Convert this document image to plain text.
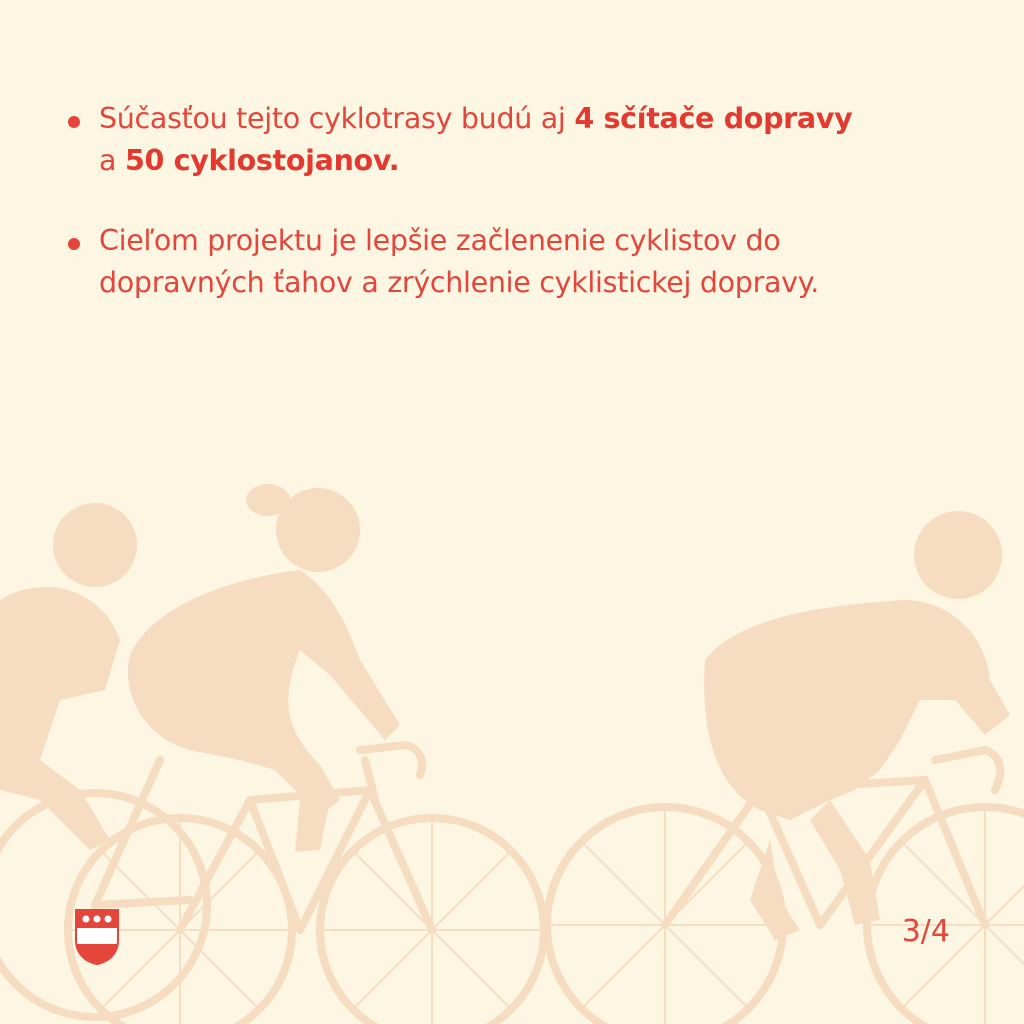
Súčasťou tejto cyklotrasy budú aj 4 sčítače dopravy
a 50 cyklostojanov.
Cieľom projektu je lepšie začlenenie cyklistov do dopravných ťahov a zrýchlenie cyklistickej dopravy.
3/4
